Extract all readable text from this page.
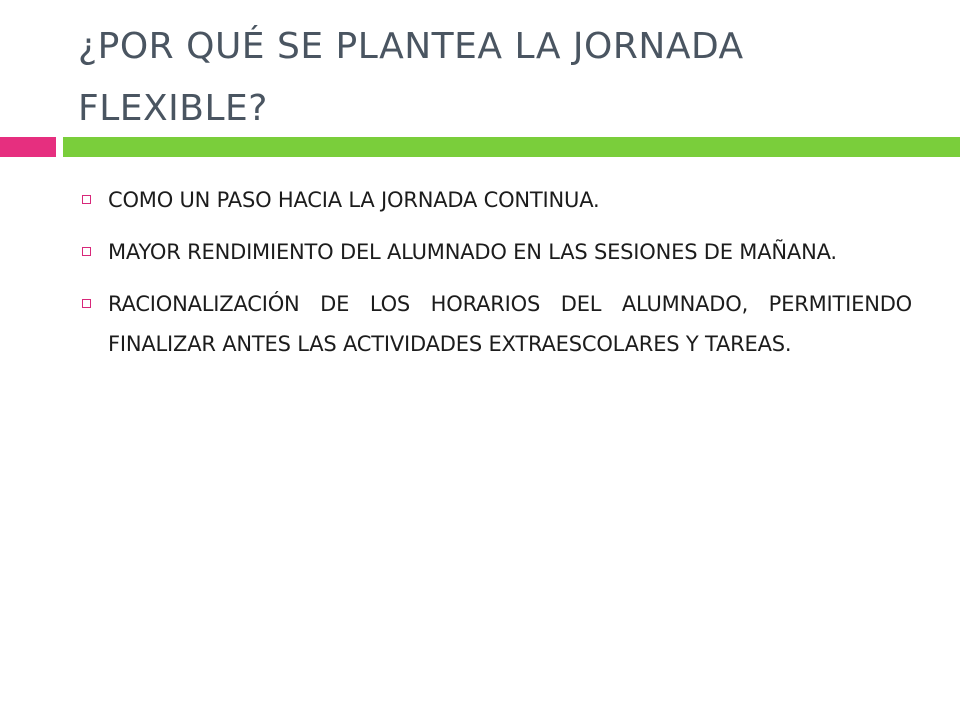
¿POR QUÉ SE PLANTEA LA JORNADA FLEXIBLE?
COMO UN PASO HACIA LA JORNADA CONTINUA.
MAYOR RENDIMIENTO DEL ALUMNADO EN LAS SESIONES DE MAÑANA.
RACIONALIZACIÓN DE LOS HORARIOS DEL ALUMNADO, PERMITIENDO FINALIZAR ANTES LAS ACTIVIDADES EXTRAESCOLARES Y TAREAS.
